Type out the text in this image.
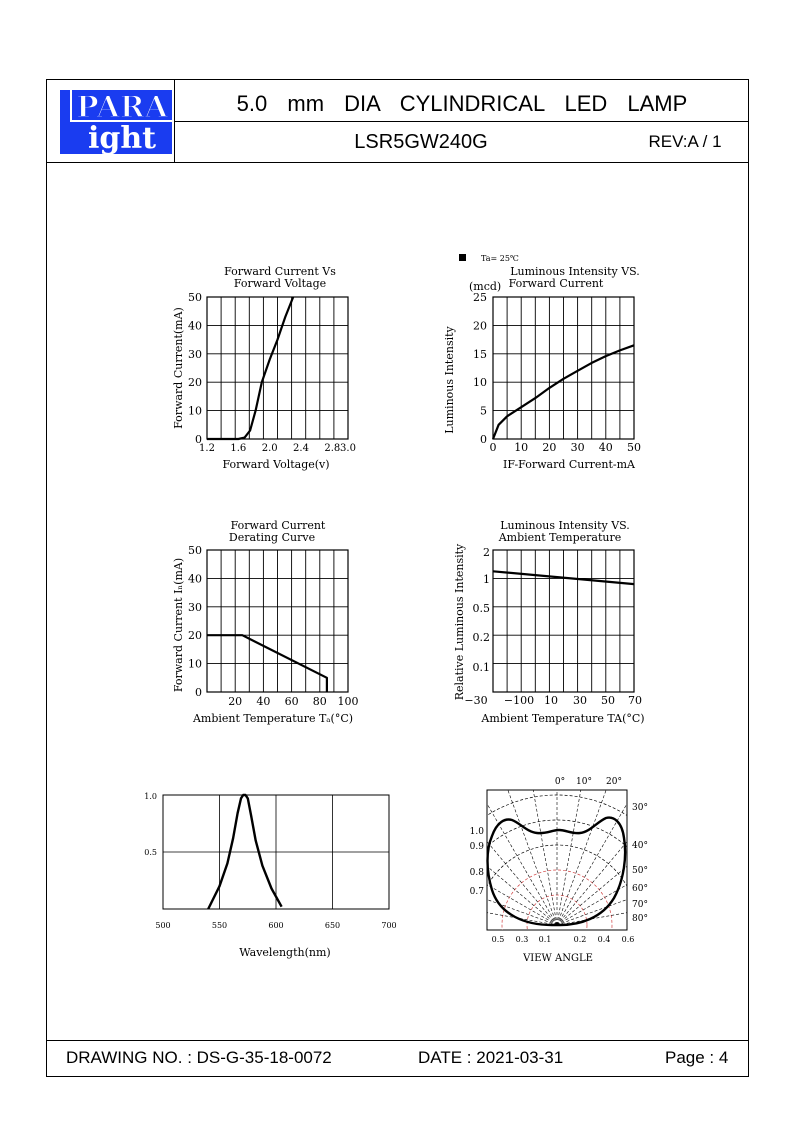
PARA
ight
5.0 mm DIA CYLINDRICAL LED LAMP
LSR5GW240G	REV:A / 1
DRAWING NO. : DS-G-35-18-0072	DATE : 2021-03-31	Page : 4
Forward Current Vs
Forward Voltage
1.2 1.6 2.0 2.4 2.8 3.0
0
10
20
30
40
50
Forward Voltage(v)
Forward Current(mA)
Ta= 25℃
Luminous Intensity VS.
Forward Current
(mcd)
0 10 20 30 40 50
0
5
10
15
20
25
IF-Forward Current-mA
Luminous Intensity
Forward Current
Derating Curve
20 40 60 80 100
0
10
20
30
40
50
Ambient Temperature Tₐ(°C)
Forward Current Iₙ(mA)
Luminous Intensity VS.
Ambient Temperature
−30 −100 10 30 50 70
2
1
0.5
0.2
0.1
Ambient Temperature TA(°C)
Relative Luminous Intensity
500	550	600	650	700
0.5
1.0
Wavelength(nm)
0° 10° 20°
30°
40°
50°
60°
70°
80°
1.0
0.9
0.8
0.7
0.5 0.3 0.1	0.2 0.4 0.6
VIEW ANGLE
